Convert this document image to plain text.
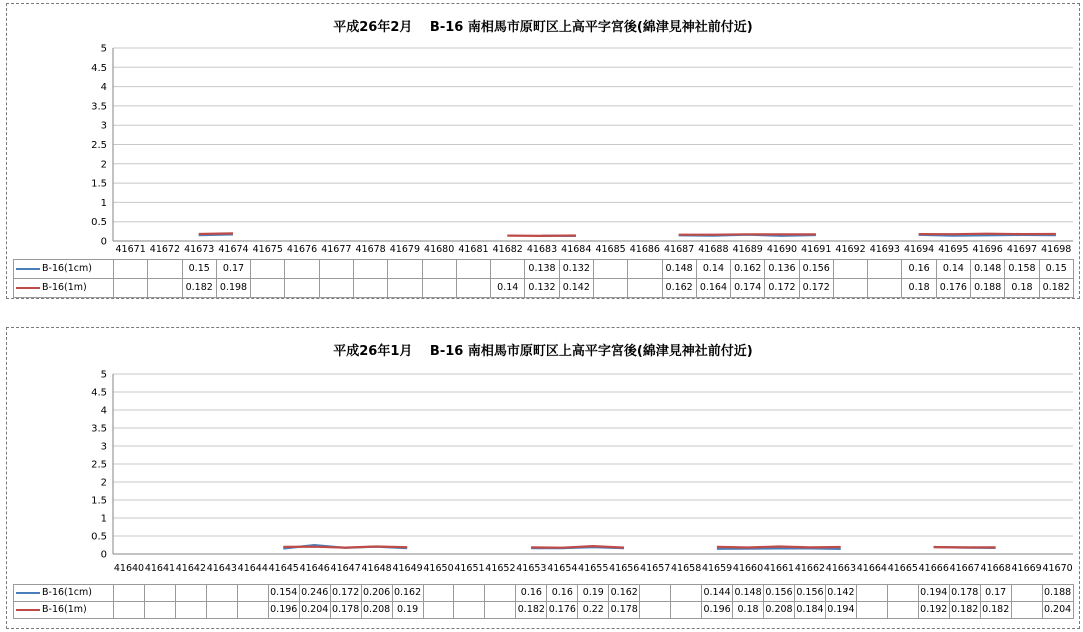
平成26年2月　 B-16 南相馬市原町区上高平字宮後(綿津見神社前付近)
0
0.5
1
1.5
2
2.5
3
3.5
4
4.5
5
	41671	41672	41673	41674	41675	41676	41677	41678	41679	41680	41681	41682	41683	41684	41685	41686	41687	41688	41689	41690	41691	41692	41693	41694	41695	41696	41697	41698
B-16(1cm)			0.15	0.17									0.138	0.132			0.148	0.14	0.162	0.136	0.156			0.16	0.14	0.148	0.158	0.15
B-16(1m)			0.182	0.198								0.14	0.132	0.142			0.162	0.164	0.174	0.172	0.172			0.18	0.176	0.188	0.18	0.182
平成26年1月　 B-16 南相馬市原町区上高平字宮後(綿津見神社前付近)
0
0.5
1
1.5
2
2.5
3
3.5
4
4.5
5
	41640	41641	41642	41643	41644	41645	41646	41647	41648	41649	41650	41651	41652	41653	41654	41655	41656	41657	41658	41659	41660	41661	41662	41663	41664	41665	41666	41667	41668	41669	41670
B-16(1cm)						0.154	0.246	0.172	0.206	0.162				0.16	0.16	0.19	0.162			0.144	0.148	0.156	0.156	0.142			0.194	0.178	0.17		0.188
B-16(1m)						0.196	0.204	0.178	0.208	0.19				0.182	0.176	0.22	0.178			0.196	0.18	0.208	0.184	0.194			0.192	0.182	0.182		0.204
